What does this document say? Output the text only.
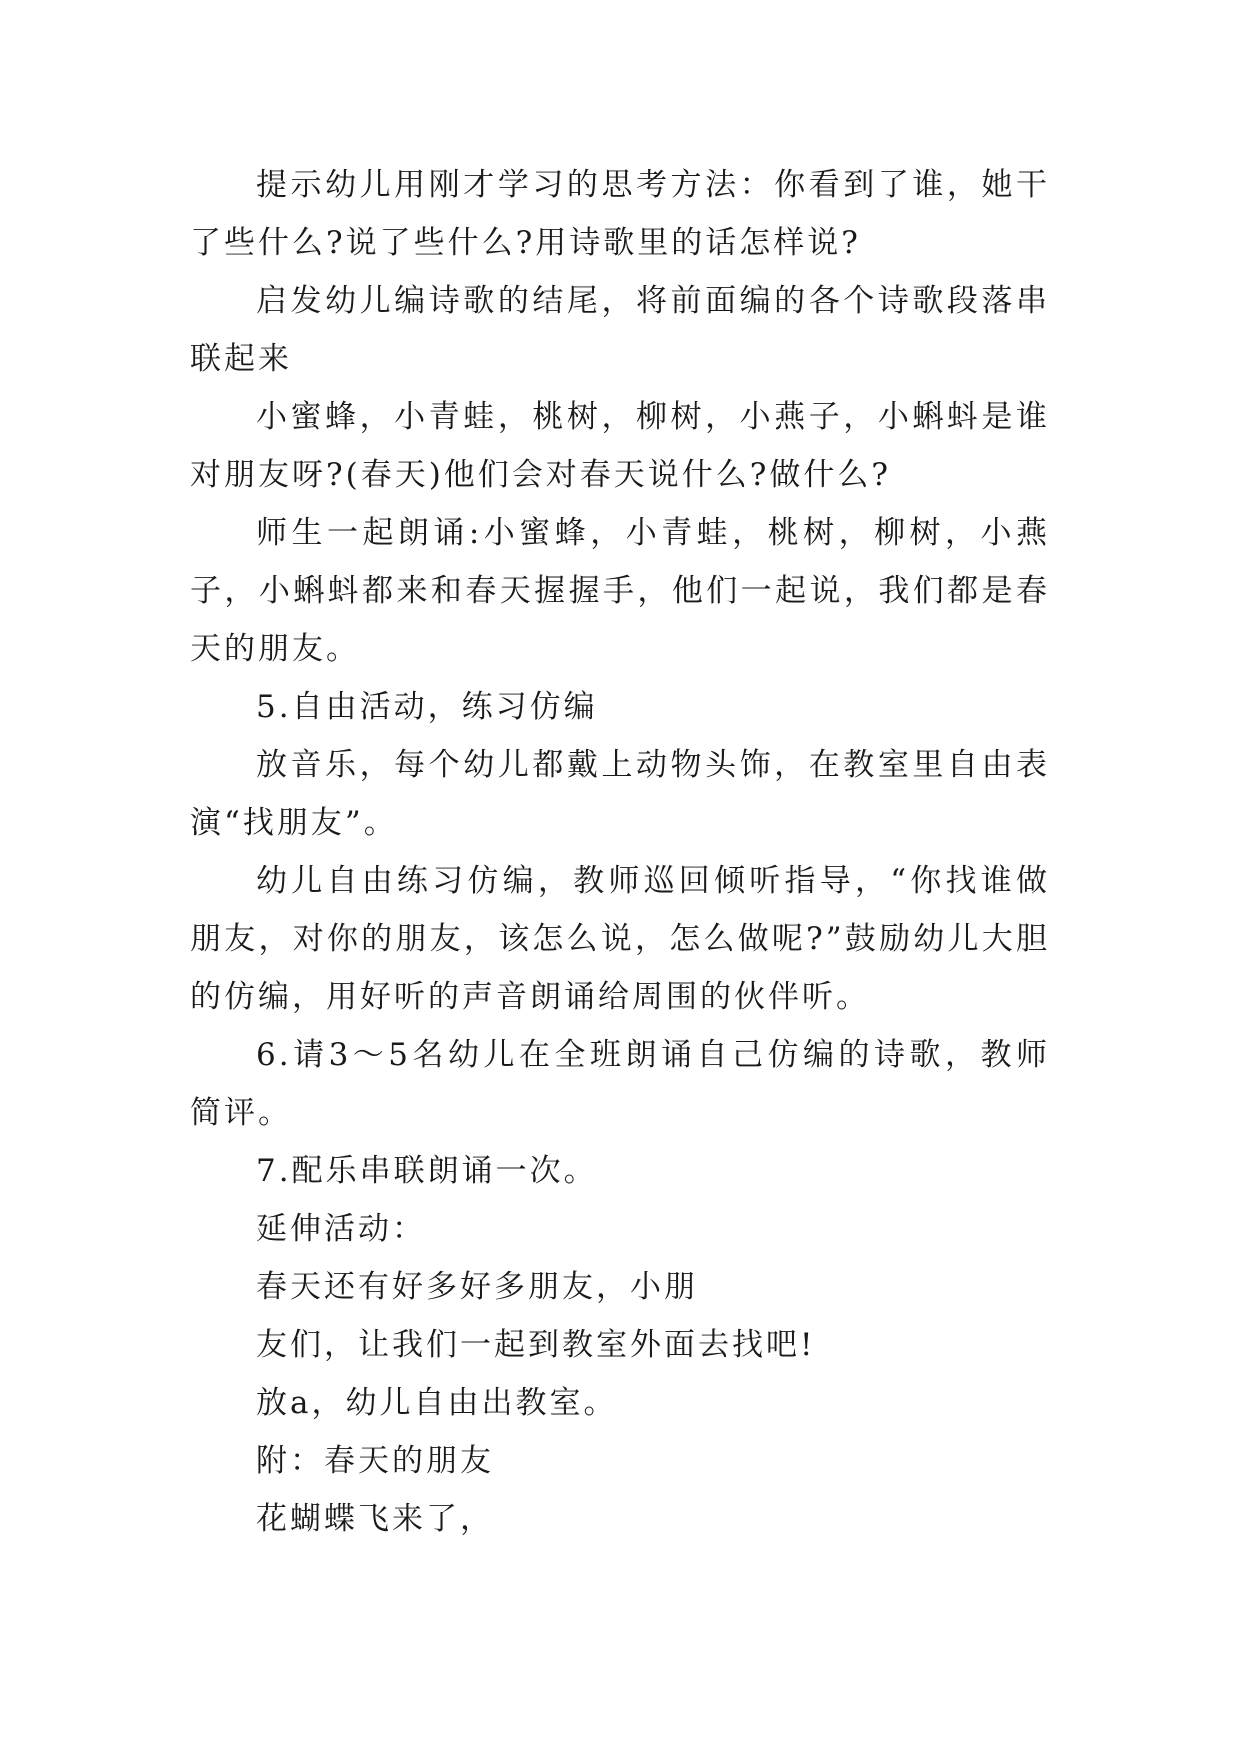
提示幼儿用刚才学习的思考方法：你看到了谁，她干了些什么?说了些什么?用诗歌里的话怎样说?

启发幼儿编诗歌的结尾，将前面编的各个诗歌段落串联起来

小蜜蜂，小青蛙，桃树，柳树，小燕子，小蝌蚪是谁对朋友呀?(春天)他们会对春天说什么?做什么?

师生一起朗诵:小蜜蜂，小青蛙，桃树，柳树，小燕子，小蝌蚪都来和春天握握手，他们一起说，我们都是春天的朋友。

5.自由活动，练习仿编

放音乐，每个幼儿都戴上动物头饰，在教室里自由表演“找朋友”。

幼儿自由练习仿编，教师巡回倾听指导，“你找谁做朋友，对你的朋友，该怎么说，怎么做呢?”鼓励幼儿大胆的仿编，用好听的声音朗诵给周围的伙伴听。

6.请3～5名幼儿在全班朗诵自己仿编的诗歌，教师简评。

7.配乐串联朗诵一次。

延伸活动：

春天还有好多好多朋友，小朋

友们，让我们一起到教室外面去找吧!

放a，幼儿自由出教室。

附：春天的朋友

花蝴蝶飞来了，
